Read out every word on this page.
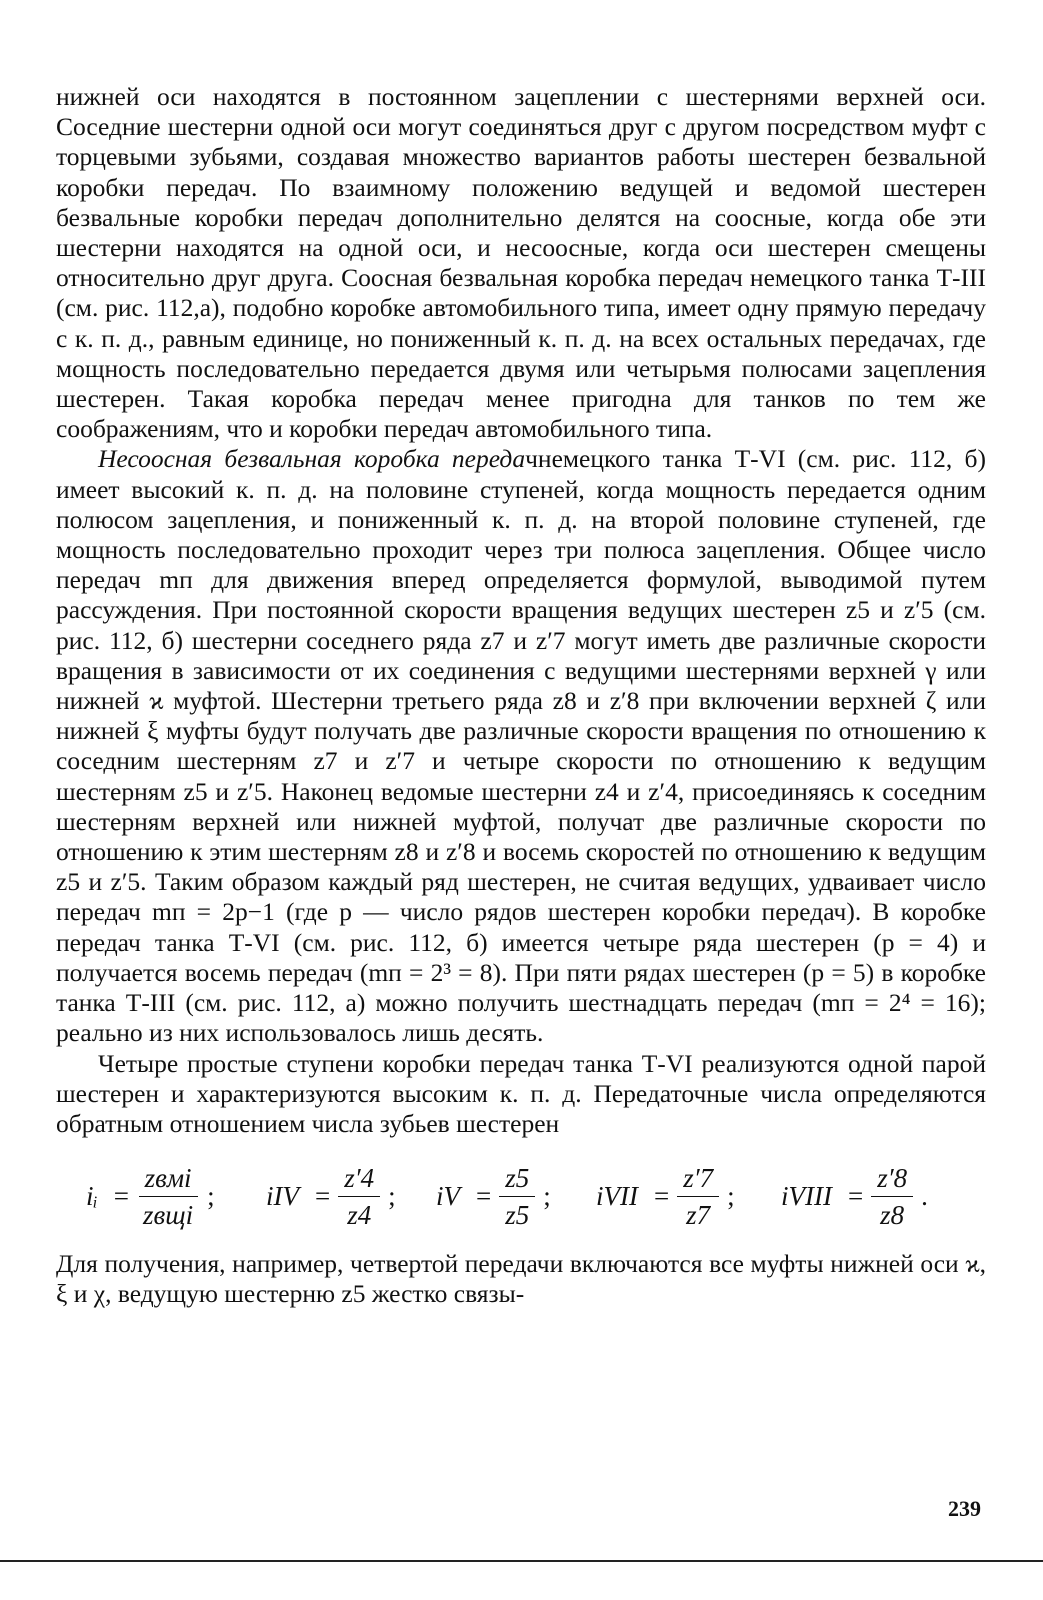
нижней оси находятся в постоянном зацеплении с шестернями верхней оси. Соседние шестерни одной оси могут соединяться друг с другом посредством муфт с торцевыми зубьями, создавая множество вариантов работы шестерен безвальной коробки передач. По взаимному положению ведущей и ведомой шестерен безвальные коробки передач дополнительно делятся на соосные, когда обе эти шестерни находятся на одной оси, и несоосные, когда оси шестерен смещены относительно друг друга. Соосная безвальная коробка передач немецкого танка Т-III (см. рис. 112,а), подобно коробке автомобильного типа, имеет одну прямую передачу с к. п. д., равным единице, но пониженный к. п. д. на всех остальных передачах, где мощность последовательно передается двумя или четырьмя полюсами зацепления шестерен. Такая коробка передач менее пригодна для танков по тем же соображениям, что и коробки передач автомобильного типа.

Несоосная безвальная коробка передачнемецкого танка Т-VI (см. рис. 112, б) имеет высокий к. п. д. на половине ступеней, когда мощность передается одним полюсом зацепления, и пониженный к. п. д. на второй половине ступеней, где мощность последовательно проходит через три полюса зацепления. Общее число передач mп для движения вперед определяется формулой, выводимой путем рассуждения. При постоянной скорости вращения ведущих шестерен z5 и z′5 (см. рис. 112, б) шестерни соседнего ряда z7 и z′7 могут иметь две различные скорости вращения в зависимости от их соединения с ведущими шестернями верхней γ или нижней ϰ муфтой. Шестерни третьего ряда z8 и z′8 при включении верхней ζ или нижней ξ муфты будут получать две различные скорости вращения по отношению к соседним шестерням z7 и z′7 и четыре скорости по отношению к ведущим шестерням z5 и z′5. Наконец ведомые шестерни z4 и z′4, присоединяясь к соседним шестерням верхней или нижней муфтой, получат две различные скорости по отношению к этим шестерням z8 и z′8 и восемь скоростей по отношению к ведущим z5 и z′5. Таким образом каждый ряд шестерен, не считая ведущих, удваивает число передач mп = 2p−1 (где p — число рядов шестерен коробки передач). В коробке передач танка Т-VI (см. рис. 112, б) имеется четыре ряда шестерен (p = 4) и получается восемь передач (mп = 2³ = 8). При пяти рядах шестерен (p = 5) в коробке танка Т-III (см. рис. 112, а) можно получить шестнадцать передач (mп = 2⁴ = 16); реально из них использовалось лишь десять.

Четыре простые ступени коробки передач танка Т-VI реализуются одной парой шестерен и характеризуются высоким к. п. д. Передаточные числа определяются обратным отношением числа зубьев шестерен

iᵢ = $\frac{\text{zвмi}}{\text{zвщi}}$ ; iIV = $\frac{z'4}{z4}$ ; iV = $\frac{z5}{z5}$ ; iVII = $\frac{z'7}{z7}$ ; iVIII = $\frac{z'8}{z8}$ .

Для получения, например, четвертой передачи включаются все муфты нижней оси ϰ, ξ и χ, ведущую шестерню z5 жестко связы-

239
